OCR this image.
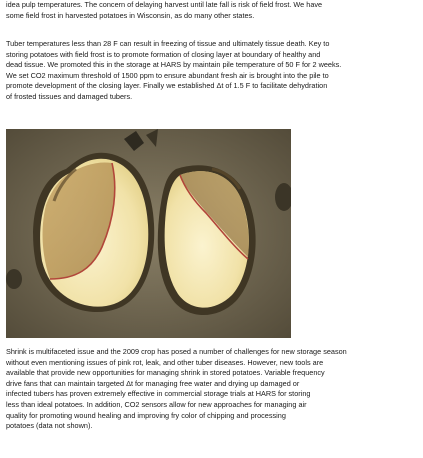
idea pulp temperatures. The concern of delaying harvest until late fall is risk of field frost. We have
some field frost in harvested potatoes in Wisconsin, as do many other states.

Tuber temperatures less than 28 F can result in freezing of tissue and ultimately tissue death. Key to
storing potatoes with field frost is to promote formation of closing layer at boundary of healthy and
dead tissue. We promoted this in the storage at HARS by maintain pile temperature of 50 F for 2 weeks.
We set CO2 maximum threshold of 1500 ppm to ensure abundant fresh air is brought into the pile to
promote development of the closing layer. Finally we established Δt of 1.5 F to facilitate dehydration
of frosted tissues and damaged tubers.

Shrink is multifaceted issue and the 2009 crop has posed a number of challenges for new storage season
without even mentioning issues of pink rot, leak, and other tuber diseases. However, new tools are
available that provide new opportunities for managing shrink in stored potatoes. Variable frequency
drive fans that can maintain targeted Δt for managing free water and drying up damaged or
infected tubers has proven extremely effective in commercial storage trials at HARS for storing
less than ideal potatoes. In addition, CO2 sensors allow for new approaches for managing air
quality for promoting wound healing and improving fry color of chipping and processing
potatoes (data not shown).
